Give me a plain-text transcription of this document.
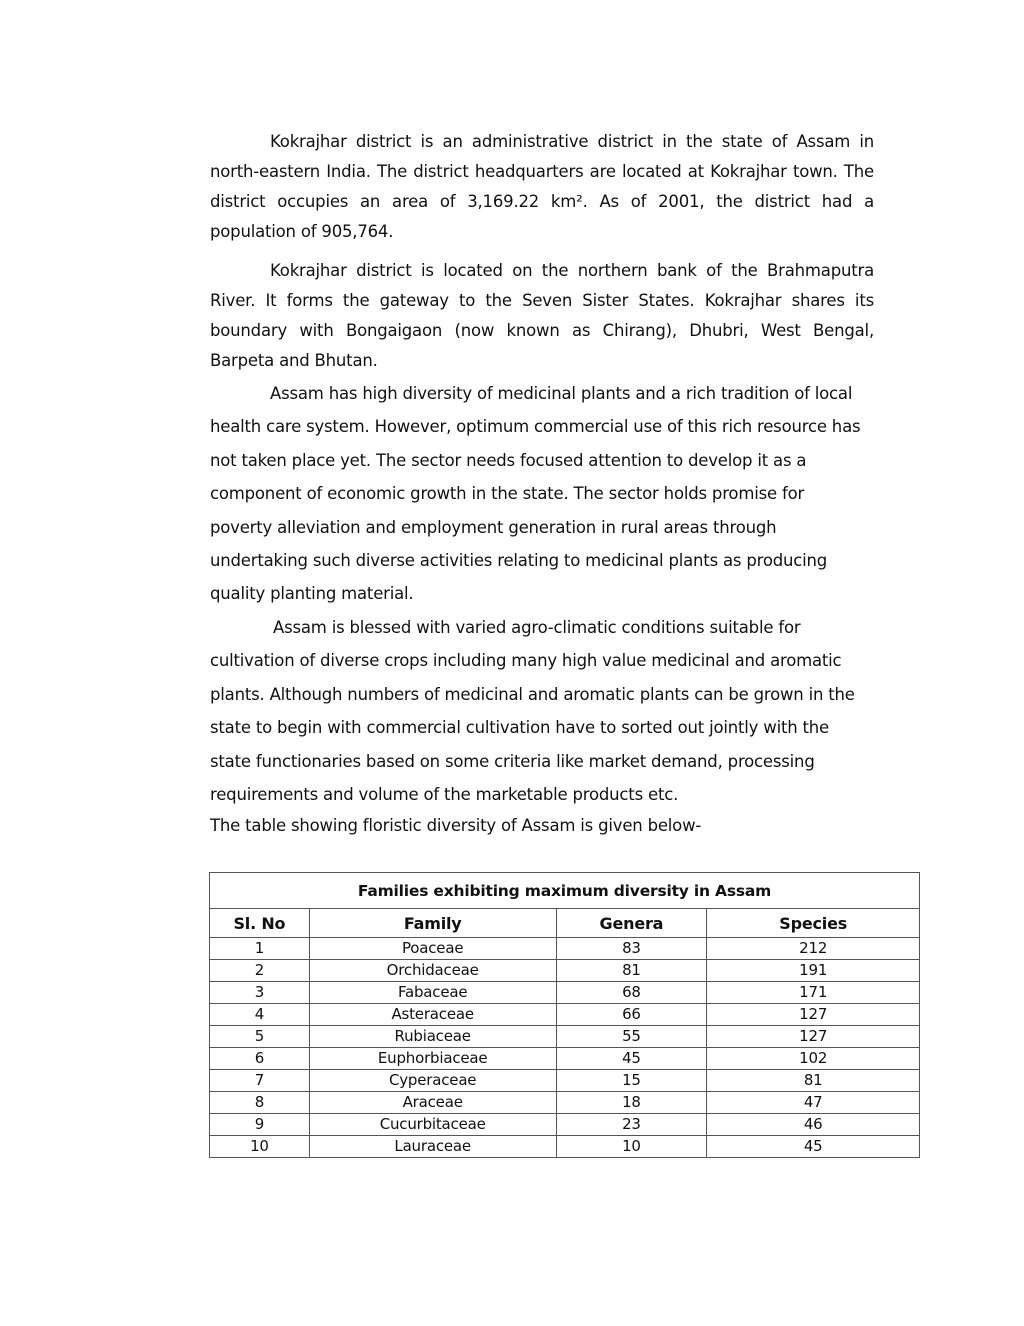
Kokrajhar district is an administrative district in the state of Assam in north-eastern India. The district headquarters are located at Kokrajhar town. The district occupies an area of 3,169.22 km². As of 2001, the district had a population of 905,764.

Kokrajhar district is located on the northern bank of the Brahmaputra River. It forms the gateway to the Seven Sister States. Kokrajhar shares its boundary with Bongaigaon (now known as Chirang), Dhubri, West Bengal, Barpeta and Bhutan.

Assam has high diversity of medicinal plants and a rich tradition of local health care system. However, optimum commercial use of this rich resource has not taken place yet. The sector needs focused attention to develop it as a component of economic growth in the state. The sector holds promise for poverty alleviation and employment generation in rural areas through undertaking such diverse activities relating to medicinal plants as producing quality planting material.

Assam is blessed with varied agro-climatic conditions suitable for cultivation of diverse crops including many high value medicinal and aromatic plants. Although numbers of medicinal and aromatic plants can be grown in the state to begin with commercial cultivation have to sorted out jointly with the state functionaries based on some criteria like market demand, processing requirements and volume of the marketable products etc.

The table showing floristic diversity of Assam is given below-

Families exhibiting maximum diversity in Assam			
Sl. No	Family	Genera	Species
1	Poaceae	83	212
2	Orchidaceae	81	191
3	Fabaceae	68	171
4	Asteraceae	66	127
5	Rubiaceae	55	127
6	Euphorbiaceae	45	102
7	Cyperaceae	15	81
8	Araceae	18	47
9	Cucurbitaceae	23	46
10	Lauraceae	10	45
